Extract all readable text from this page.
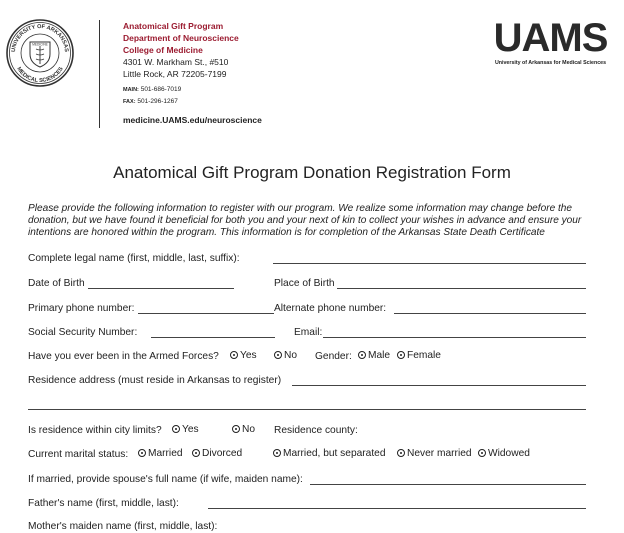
UNIVERSITY OF ARKANSAS
MEDICAL SCIENCES
MEDICINE
Anatomical Gift Program
Department of Neuroscience
College of Medicine
4301 W. Markham St., #510
Little Rock, AR 72205-7199
MAIN: 501-686-7019
FAX: 501-296-1267
medicine.UAMS.edu/neuroscience
UAMS
University of Arkansas for Medical Sciences
Anatomical Gift Program Donation Registration Form
Please provide the following information to register with our program. We realize some information may change before the donation, but we have found it beneficial for both you and your next of kin to collect your wishes in advance and ensure your intentions are honored within the program. This information is for completion of the Arkansas State Death Certificate
Complete legal name (first, middle, last, suffix):
Date of Birth	Place of Birth
Primary phone number:	Alternate phone number:
Social Security Number:	Email:
Have you ever been in the Armed Forces?	Yes	No Gender:	Male	Female
Residence address (must reside in Arkansas to register)
Is residence within city limits?	Yes	No Residence county:
Current marital status:	Married	Divorced	Married, but separated	Never married	Widowed
If married, provide spouse's full name (if wife, maiden name):
Father's name (first, middle, last):
Mother's maiden name (first, middle, last):
